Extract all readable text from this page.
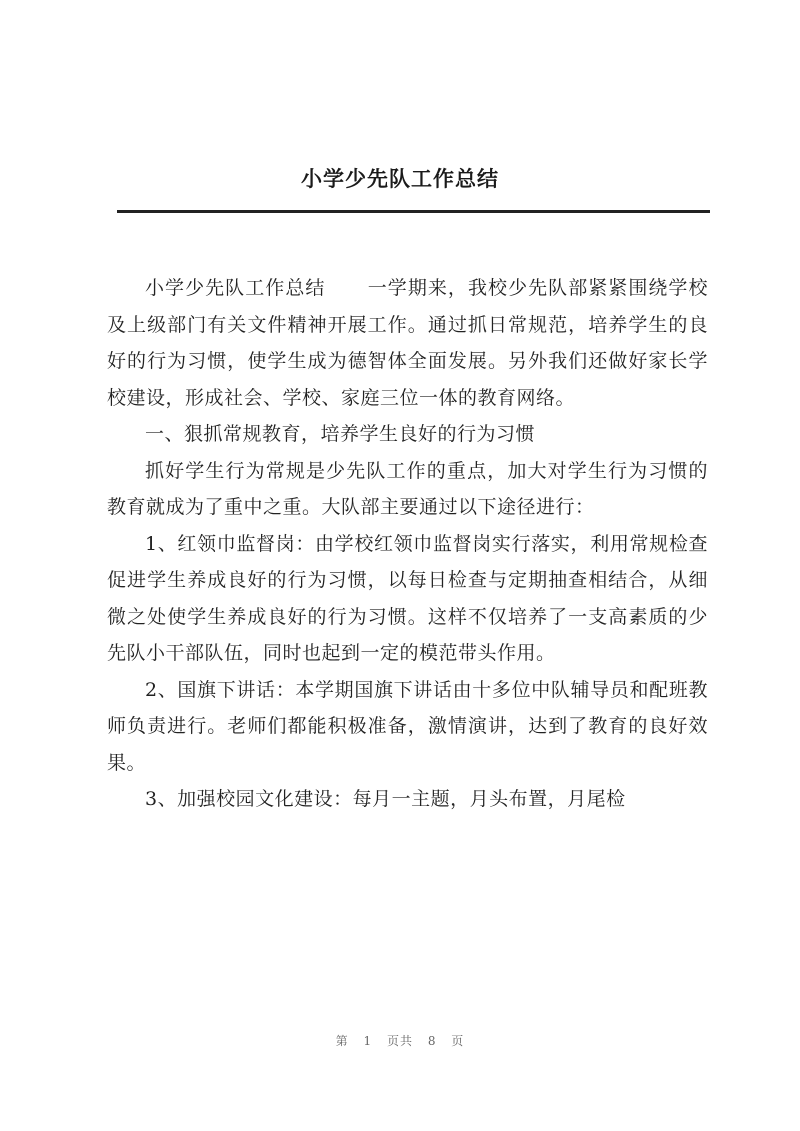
小学少先队工作总结

小学少先队工作总结 一学期来，我校少先队部紧紧围绕学校及上级部门有关文件精神开展工作。通过抓日常规范，培养学生的良好的行为习惯，使学生成为德智体全面发展。另外我们还做好家长学校建设，形成社会、学校、家庭三位一体的教育网络。

一、狠抓常规教育，培养学生良好的行为习惯

抓好学生行为常规是少先队工作的重点，加大对学生行为习惯的教育就成为了重中之重。大队部主要通过以下途径进行：

1、红领巾监督岗：由学校红领巾监督岗实行落实，利用常规检查促进学生养成良好的行为习惯，以每日检查与定期抽查相结合，从细微之处使学生养成良好的行为习惯。这样不仅培养了一支高素质的少先队小干部队伍，同时也起到一定的模范带头作用。

2、国旗下讲话：本学期国旗下讲话由十多位中队辅导员和配班教师负责进行。老师们都能积极准备，激情演讲，达到了教育的良好效果。

3、加强校园文化建设：每月一主题，月头布置，月尾检

第 1 页共 8 页
